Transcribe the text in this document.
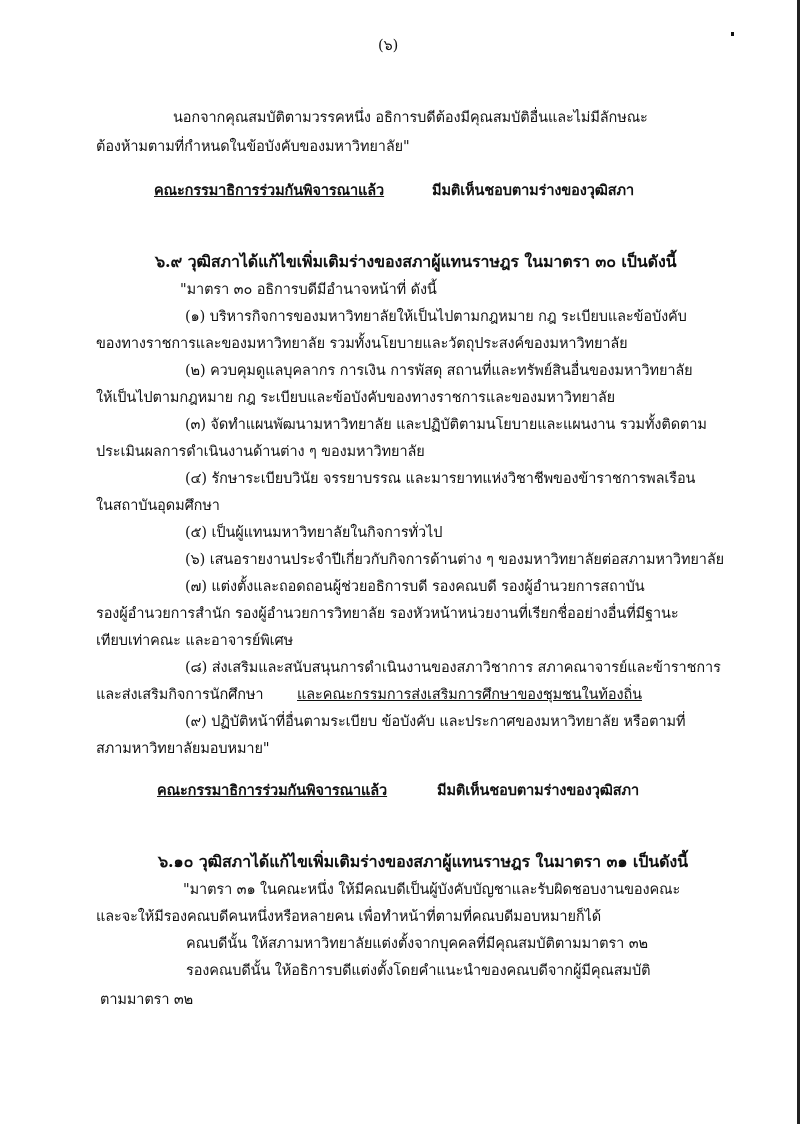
(๖)
นอกจากคุณสมบัติตามวรรคหนึ่ง อธิการบดีต้องมีคุณสมบัติอื่นและไม่มีลักษณะ
ต้องห้ามตามที่กำหนดในข้อบังคับของมหาวิทยาลัย"
คณะกรรมาธิการร่วมกันพิจารณาแล้ว	มีมติเห็นชอบตามร่างของวุฒิสภา
๖.๙ วุฒิสภาได้แก้ไขเพิ่มเติมร่างของสภาผู้แทนราษฎร ในมาตรา ๓๐ เป็นดังนี้
"มาตรา ๓๐ อธิการบดีมีอำนาจหน้าที่ ดังนี้
(๑) บริหารกิจการของมหาวิทยาลัยให้เป็นไปตามกฎหมาย กฎ ระเบียบและข้อบังคับ
ของทางราชการและของมหาวิทยาลัย รวมทั้งนโยบายและวัตถุประสงค์ของมหาวิทยาลัย
(๒) ควบคุมดูแลบุคลากร การเงิน การพัสดุ สถานที่และทรัพย์สินอื่นของมหาวิทยาลัย
ให้เป็นไปตามกฎหมาย กฎ ระเบียบและข้อบังคับของทางราชการและของมหาวิทยาลัย
(๓) จัดทำแผนพัฒนามหาวิทยาลัย และปฏิบัติตามนโยบายและแผนงาน รวมทั้งติดตาม
ประเมินผลการดำเนินงานด้านต่าง ๆ ของมหาวิทยาลัย
(๔) รักษาระเบียบวินัย จรรยาบรรณ และมารยาทแห่งวิชาชีพของข้าราชการพลเรือน
ในสถาบันอุดมศึกษา
(๕) เป็นผู้แทนมหาวิทยาลัยในกิจการทั่วไป
(๖) เสนอรายงานประจำปีเกี่ยวกับกิจการด้านต่าง ๆ ของมหาวิทยาลัยต่อสภามหาวิทยาลัย
(๗) แต่งตั้งและถอดถอนผู้ช่วยอธิการบดี รองคณบดี รองผู้อำนวยการสถาบัน
รองผู้อำนวยการสำนัก รองผู้อำนวยการวิทยาลัย รองหัวหน้าหน่วยงานที่เรียกชื่ออย่างอื่นที่มีฐานะ
เทียบเท่าคณะ และอาจารย์พิเศษ
(๘) ส่งเสริมและสนับสนุนการดำเนินงานของสภาวิชาการ สภาคณาจารย์และข้าราชการ
และส่งเสริมกิจการนักศึกษา และคณะกรรมการส่งเสริมการศึกษาของชุมชนในท้องถิ่น
(๙) ปฏิบัติหน้าที่อื่นตามระเบียบ ข้อบังคับ และประกาศของมหาวิทยาลัย หรือตามที่
สภามหาวิทยาลัยมอบหมาย"
คณะกรรมาธิการร่วมกันพิจารณาแล้ว	มีมติเห็นชอบตามร่างของวุฒิสภา
๖.๑๐ วุฒิสภาได้แก้ไขเพิ่มเติมร่างของสภาผู้แทนราษฎร ในมาตรา ๓๑ เป็นดังนี้
"มาตรา ๓๑ ในคณะหนึ่ง ให้มีคณบดีเป็นผู้บังคับบัญชาและรับผิดชอบงานของคณะ
และจะให้มีรองคณบดีคนหนึ่งหรือหลายคน เพื่อทำหน้าที่ตามที่คณบดีมอบหมายก็ได้
คณบดีนั้น ให้สภามหาวิทยาลัยแต่งตั้งจากบุคคลที่มีคุณสมบัติตามมาตรา ๓๒
รองคณบดีนั้น ให้อธิการบดีแต่งตั้งโดยคำแนะนำของคณบดีจากผู้มีคุณสมบัติ
ตามมาตรา ๓๒
